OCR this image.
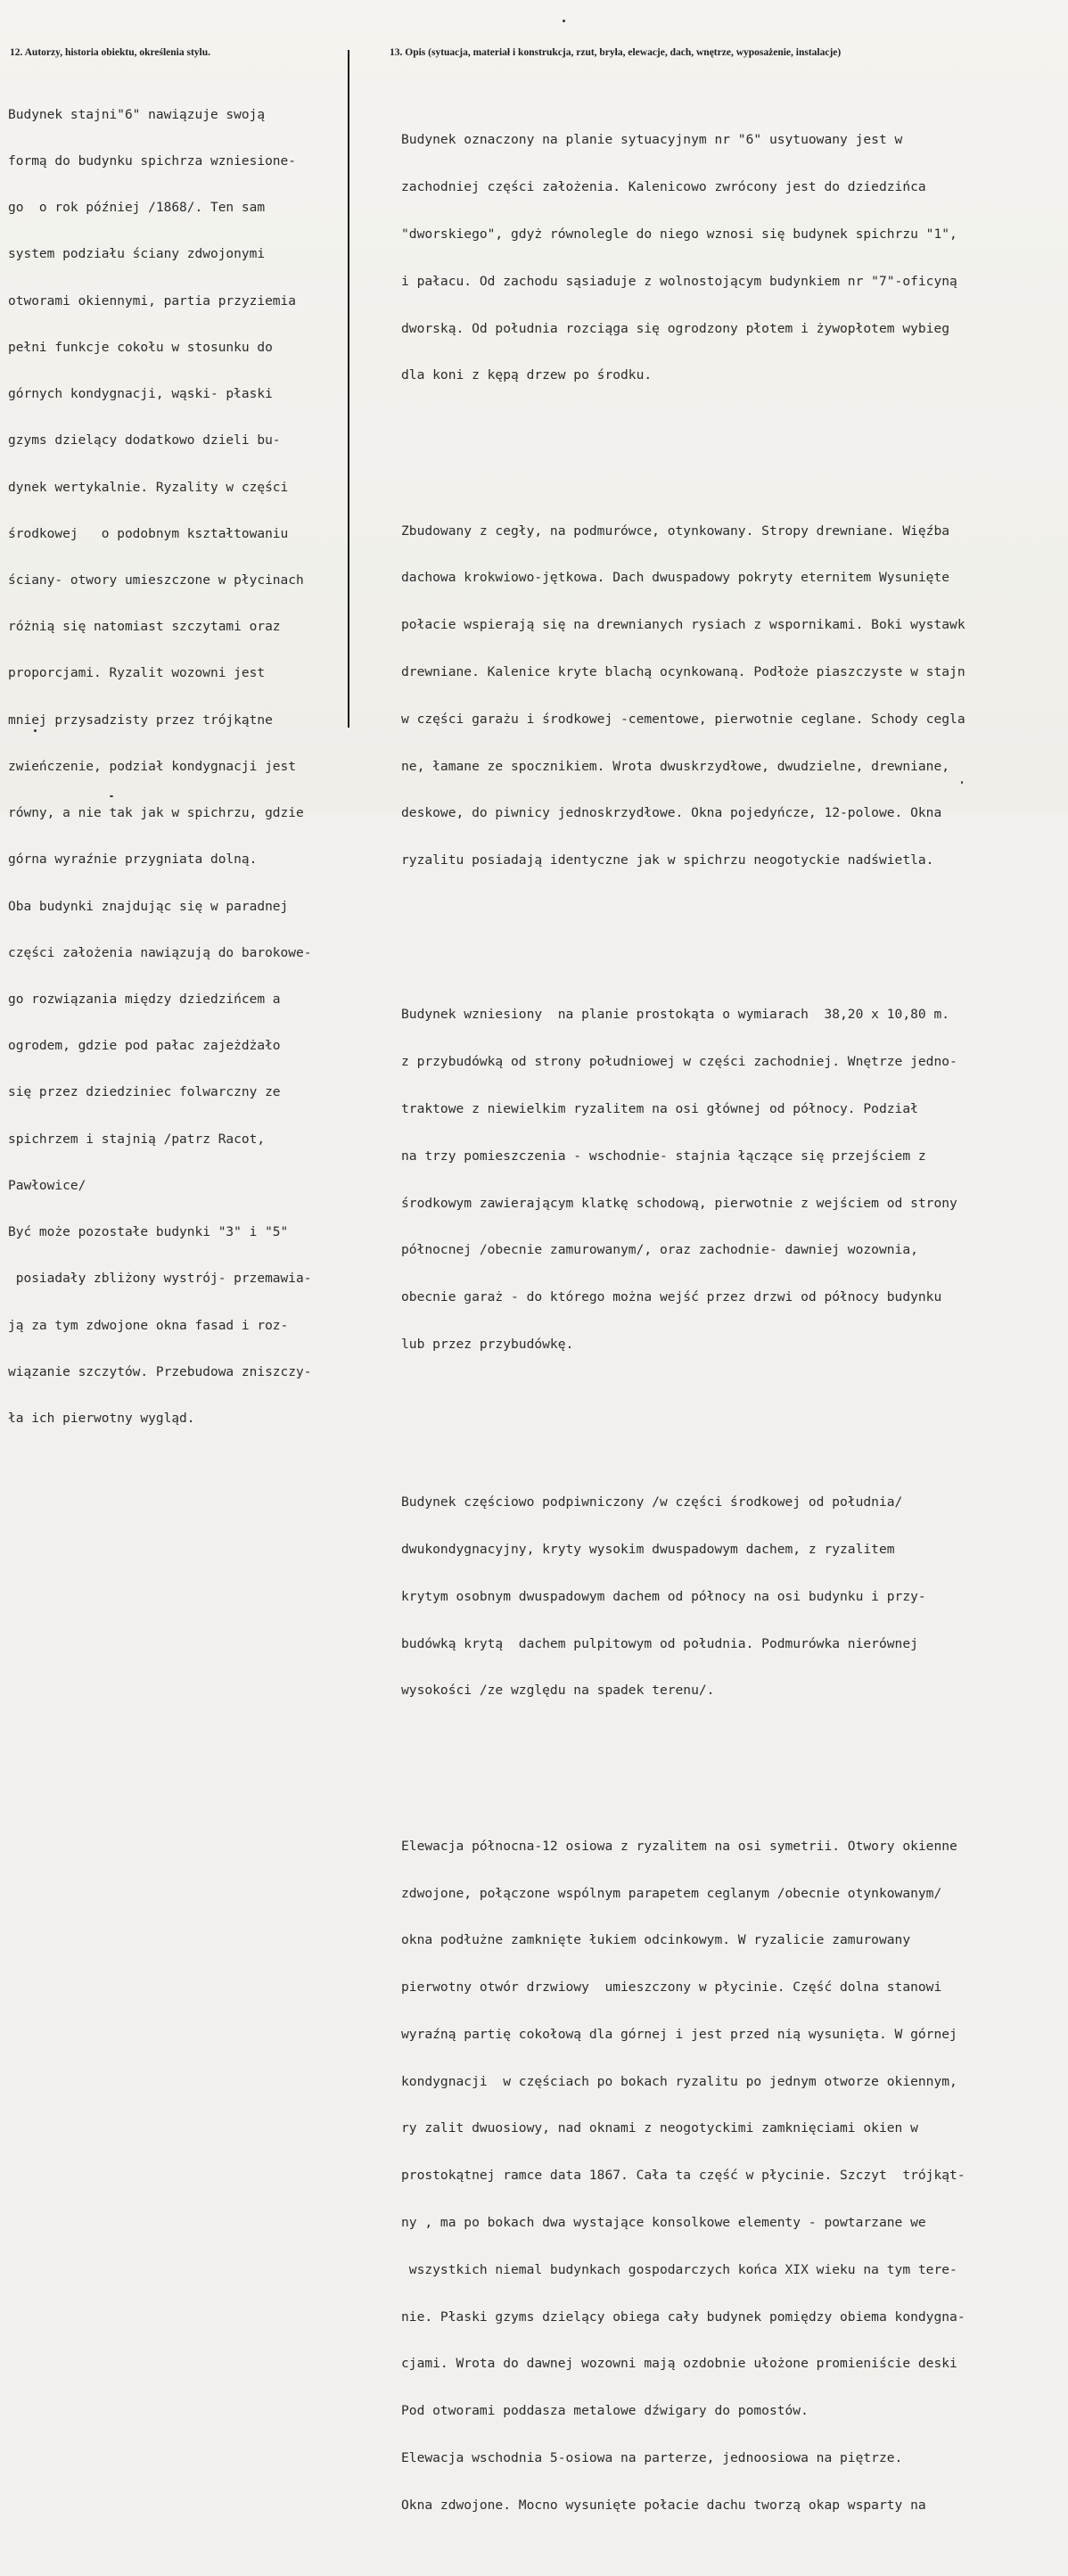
12. Autorzy, historia obiektu, określenia stylu.	13. Opis (sytuacja, materiał i konstrukcja, rzut, bryła, elewacje, dach, wnętrze, wyposażenie, instalacje)

Budynek stajni"6" nawiązuje swoją

formą do budynku spichrza wzniesione-

go  o rok później /1868/. Ten sam

system podziału ściany zdwojonymi

otworami okiennymi, partia przyziemia

pełni funkcje cokołu w stosunku do

górnych kondygnacji, wąski- płaski

gzyms dzielący dodatkowo dzieli bu-

dynek wertykalnie. Ryzality w części

środkowej   o podobnym kształtowaniu

ściany- otwory umieszczone w płycinach

różnią się natomiast szczytami oraz

proporcjami. Ryzalit wozowni jest

mniej przysadzisty przez trójkątne

zwieńczenie, podział kondygnacji jest

równy, a nie tak jak w spichrzu, gdzie

górna wyraźnie przygniata dolną.

Oba budynki znajdując się w paradnej

części założenia nawiązują do barokowe-

go rozwiązania między dziedzińcem a

ogrodem, gdzie pod pałac zajeżdżało

się przez dziedziniec folwarczny ze

spichrzem i stajnią /patrz Racot,

Pawłowice/

Być może pozostałe budynki "3" i "5"

posiadały zbliżony wystrój- przemawia-

ją za tym zdwojone okna fasad i roz-

wiązanie szczytów. Przebudowa zniszczy-

ła ich pierwotny wygląd.

Budynek oznaczony na planie sytuacyjnym nr "6" usytuowany jest w

zachodniej części założenia. Kalenicowo zwrócony jest do dziedzińca

"dworskiego", gdyż równolegle do niego wznosi się budynek spichrzu "1",

i pałacu. Od zachodu sąsiaduje z wolnostojącym budynkiem nr "7"-oficyną

dworską. Od południa rozciąga się ogrodzony płotem i żywopłotem wybieg

dla koni z kępą drzew po środku.

Zbudowany z cegły, na podmurówce, otynkowany. Stropy drewniane. Więźba

dachowa krokwiowo-jętkowa. Dach dwuspadowy pokryty eternitem Wysunięte

połacie wspierają się na drewnianych rysiach z wspornikami. Boki wystawk

drewniane. Kalenice kryte blachą ocynkowaną. Podłoże piaszczyste w stajn

w części garażu i środkowej -cementowe, pierwotnie ceglane. Schody cegla

ne, łamane ze spocznikiem. Wrota dwuskrzydłowe, dwudzielne, drewniane,

deskowe, do piwnicy jednoskrzydłowe. Okna pojedyńcze, 12-polowe. Okna

ryzalitu posiadają identyczne jak w spichrzu neogotyckie nadświetla.

Budynek wzniesiony  na planie prostokąta o wymiarach  38,20 x 10,80 m.

z przybudówką od strony południowej w części zachodniej. Wnętrze jedno-

traktowe z niewielkim ryzalitem na osi głównej od północy. Podział

na trzy pomieszczenia - wschodnie- stajnia łączące się przejściem z

środkowym zawierającym klatkę schodową, pierwotnie z wejściem od strony

północnej /obecnie zamurowanym/, oraz zachodnie- dawniej wozownia,

obecnie garaż - do którego można wejść przez drzwi od północy budynku

lub przez przybudówkę.

Budynek częściowo podpiwniczony /w części środkowej od południa/

dwukondygnacyjny, kryty wysokim dwuspadowym dachem, z ryzalitem

krytym osobnym dwuspadowym dachem od północy na osi budynku i przy-

budówką krytą  dachem pulpitowym od południa. Podmurówka nierównej

wysokości /ze względu na spadek terenu/.

Elewacja północna-12 osiowa z ryzalitem na osi symetrii. Otwory okienne

zdwojone, połączone wspólnym parapetem ceglanym /obecnie otynkowanym/

okna podłużne zamknięte łukiem odcinkowym. W ryzalicie zamurowany

pierwotny otwór drzwiowy  umieszczony w płycinie. Część dolna stanowi

wyraźną partię cokołową dla górnej i jest przed nią wysunięta. W górnej

kondygnacji  w częściach po bokach ryzalitu po jednym otworze okiennym,

ry zalit dwuosiowy, nad oknami z neogotyckimi zamknięciami okien w

prostokątnej ramce data 1867. Cała ta część w płycinie. Szczyt  trójkąt-

ny , ma po bokach dwa wystające konsolkowe elementy - powtarzane we

wszystkich niemal budynkach gospodarczych końca XIX wieku na tym tere-

nie. Płaski gzyms dzielący obiega cały budynek pomiędzy obiema kondygna-

cjami. Wrota do dawnej wozowni mają ozdobnie ułożone promieniście deski

Pod otworami poddasza metalowe dźwigary do pomostów.

Elewacja wschodnia 5-osiowa na parterze, jednoosiowa na piętrze.

Okna zdwojone. Mocno wysunięte połacie dachu tworzą okap wsparty na
